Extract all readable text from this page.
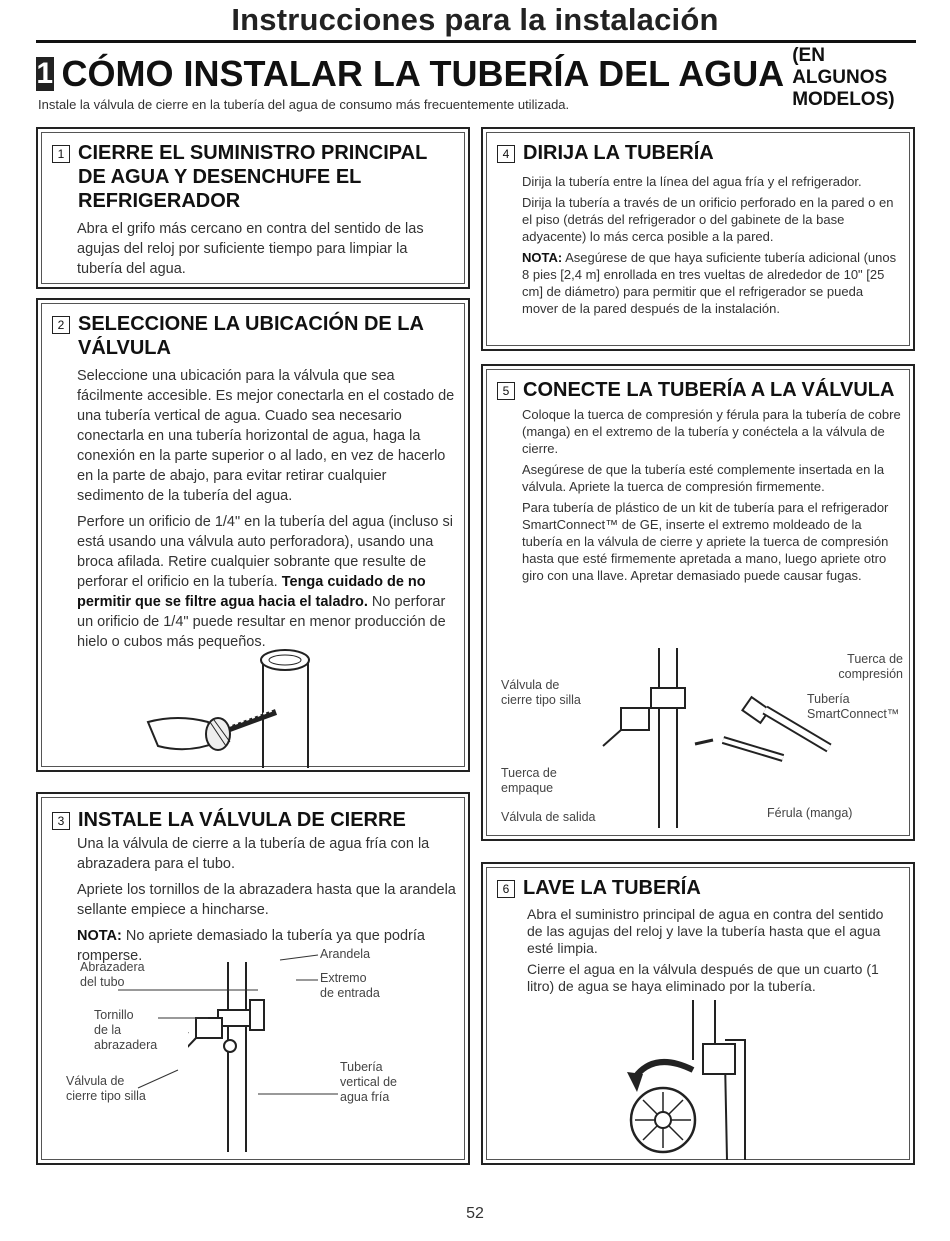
Instrucciones para la instalación
1 CÓMO INSTALAR LA TUBERÍA DEL AGUA (EN ALGUNOS MODELOS)
Instale la válvula de cierre en la tubería del agua de consumo más frecuentemente utilizada.
1 CIERRE EL SUMINISTRO PRINCIPAL DE AGUA Y DESENCHUFE EL REFRIGERADOR

Abra el grifo más cercano en contra del sentido de las agujas del reloj por suficiente tiempo para limpiar la tubería del agua.

2 SELECCIONE LA UBICACIÓN DE LA VÁLVULA

Seleccione una ubicación para la válvula que sea fácilmente accesible. Es mejor conectarla en el costado de una tubería vertical de agua. Cuado sea necesario conectarla en una tubería horizontal de agua, haga la conexión en la parte superior o al lado, en vez de hacerlo en la parte de abajo, para evitar retirar cualquier sedimento de la tubería del agua.

Perfore un orificio de 1/4" en la tubería del agua (incluso si está usando una válvula auto perforadora), usando una broca afilada. Retire cualquier sobrante que resulte de perforar el orificio en la tubería. Tenga cuidado de no permitir que se filtre agua hacia el taladro. No perforar un orificio de 1/4" puede resultar en menor producción de hielo o cubos más pequeños.

3 INSTALE LA VÁLVULA DE CIERRE

Una la válvula de cierre a la tubería de agua fría con la abrazadera para el tubo.

Apriete los tornillos de la abrazadera hasta que la arandela sellante empiece a hincharse.

NOTA: No apriete demasiado la tubería ya que podría romperse.	Arandela
Abrazadera
del tubo	Extremo
de entrada
Tornillo
de la
abrazadera
Válvula de
cierre tipo silla
Tubería
vertical de
agua fría
4 DIRIJA LA TUBERÍA

Dirija la tubería entre la línea del agua fría y el refrigerador.

Dirija la tubería a través de un orificio perforado en la pared o en el piso (detrás del refrigerador o del gabinete de la base adyacente) lo más cerca posible a la pared.

NOTA: Asegúrese de que haya suficiente tubería adicional (unos 8 pies [2,4 m] enrollada en tres vueltas de alrededor de 10" [25 cm] de diámetro) para permitir que el refrigerador se pueda mover de la pared después de la instalación.

5 CONECTE LA TUBERÍA A LA VÁLVULA

Coloque la tuerca de compresión y férula para la tubería de cobre (manga) en el extremo de la tubería y conéctela a la válvula de cierre.

Asegúrese de que la tubería esté complemente insertada en la válvula. Apriete la tuerca de compresión firmemente.

Para tubería de plástico de un kit de tubería para el refrigerador SmartConnect™ de GE, inserte el extremo moldeado de la tubería en la válvula de cierre y apriete la tuerca de compresión hasta que esté firmemente apretada a mano, luego apriete otro giro con una llave. Apretar demasiado puede causar fugas.

Tuerca de
compresión
Válvula de
cierre tipo silla	Tubería
SmartConnect™
Tuerca de
empaque
Válvula de salida	Férula (manga)
6 LAVE LA TUBERÍA

Abra el suministro principal de agua en contra del sentido de las agujas del reloj y lave la tubería hasta que el agua esté limpia.

Cierre el agua en la válvula después de que un cuarto (1 litro) de agua se haya eliminado por la tubería.

52
